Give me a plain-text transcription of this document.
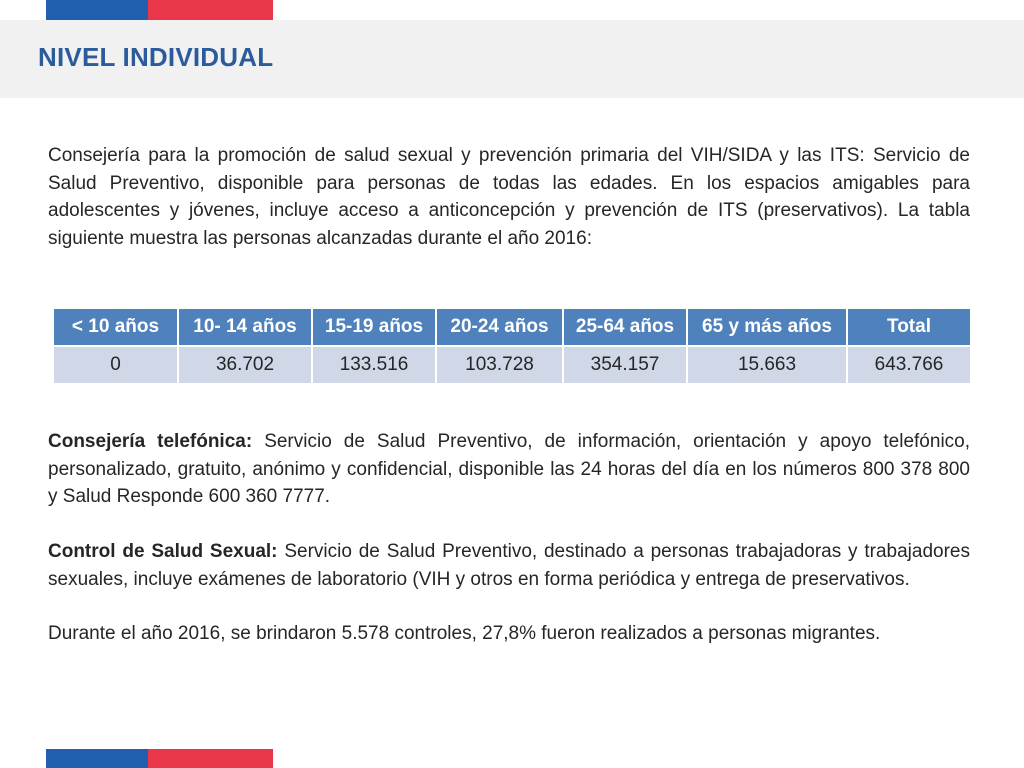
NIVEL INDIVIDUAL

Consejería para la promoción de salud sexual y prevención primaria del VIH/SIDA y las ITS: Servicio de Salud Preventivo, disponible para personas de todas las edades. En los espacios amigables para adolescentes y jóvenes, incluye acceso a anticoncepción y prevención de ITS (preservativos). La tabla siguiente muestra las personas alcanzadas durante el año 2016:

< 10 años	10- 14 años	15-19 años	20-24 años	25-64 años	65 y más años	Total
0	36.702	133.516	103.728	354.157	15.663	643.766

Consejería telefónica: Servicio de Salud Preventivo, de información, orientación y apoyo telefónico, personalizado, gratuito, anónimo y confidencial, disponible las 24 horas del día en los números 800 378 800 y Salud Responde 600 360 7777.

Control de Salud Sexual: Servicio de Salud Preventivo, destinado a personas trabajadoras y trabajadores sexuales, incluye exámenes de laboratorio (VIH y otros en forma periódica y entrega de preservativos.

Durante el año 2016, se brindaron 5.578 controles, 27,8% fueron realizados a personas migrantes.
